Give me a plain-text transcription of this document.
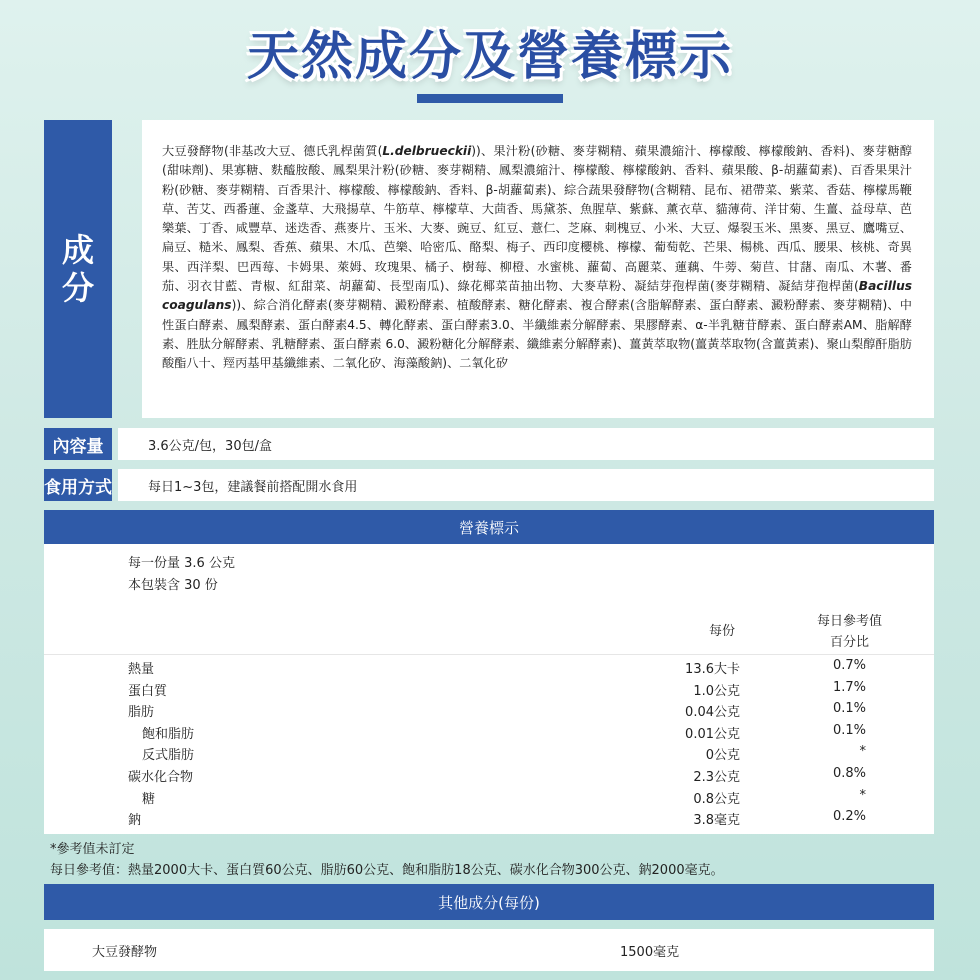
天然成分及營養標示
成
分
大豆發酵物(非基改大豆、德氏乳桿菌質(L.delbrueckii))、果汁粉(砂糖、麥芽糊精、蘋果濃縮汁、檸檬酸、檸檬酸鈉、香料)、麥芽糖醇(甜味劑)、果寡糖、麩醯胺酸、鳳梨果汁粉(砂糖、麥芽糊精、鳳梨濃縮汁、檸檬酸、檸檬酸鈉、香料、蘋果酸、β-胡蘿蔔素)、百香果果汁粉(砂糖、麥芽糊精、百香果汁、檸檬酸、檸檬酸鈉、香料、β-胡蘿蔔素)、綜合蔬果發酵物(含糊精、昆布、裙帶菜、紫菜、香菇、檸檬馬鞭草、苦艾、西番蓮、金盞草、大飛揚草、牛筋草、檸檬草、大茴香、馬黛茶、魚腥草、紫蘇、薰衣草、貓薄荷、洋甘菊、生薑、益母草、芭樂葉、丁香、咸豐草、迷迭香、燕麥片、玉米、大麥、豌豆、紅豆、薏仁、芝麻、刺槐豆、小米、大豆、爆裂玉米、黑麥、黑豆、鷹嘴豆、扁豆、糙米、鳳梨、香蕉、蘋果、木瓜、芭樂、哈密瓜、酪梨、梅子、西印度櫻桃、檸檬、葡萄乾、芒果、楊桃、西瓜、腰果、核桃、奇異果、西洋梨、巴西莓、卡姆果、萊姆、玫瑰果、橘子、樹莓、柳橙、水蜜桃、蘿蔔、高麗菜、蓮藕、牛蒡、菊苣、甘藷、南瓜、木薯、番茄、羽衣甘藍、青椒、紅甜菜、胡蘿蔔、長型南瓜)、綠花椰菜苗抽出物、大麥草粉、凝結芽孢桿菌(麥芽糊精、凝結芽孢桿菌(Bacillus coagulans))、綜合消化酵素(麥芽糊精、澱粉酵素、植酸酵素、糖化酵素、複合酵素(含脂解酵素、蛋白酵素、澱粉酵素、麥芽糊精)、中性蛋白酵素、鳳梨酵素、蛋白酵素4.5、轉化酵素、蛋白酵素3.0、半纖維素分解酵素、果膠酵素、α-半乳糖苷酵素、蛋白酵素AM、脂解酵素、胜肽分解酵素、乳糖酵素、蛋白酵素 6.0、澱粉糖化分解酵素、纖維素分解酵素)、薑黃萃取物(薑黃萃取物(含薑黃素)、聚山梨醇酐脂肪酸酯八十、羥丙基甲基纖維素、二氧化矽、海藻酸鈉)、二氧化矽
內容量	3.6公克/包，30包/盒
食用方式	每日1~3包，建議餐前搭配開水食用
營養標示
每一份量 3.6 公克
本包裝含 30 份
每份
每日參考值
百分比
熱量	13.6大卡	0.7%
蛋白質	1.0公克	1.7%
脂肪	0.04公克	0.1%
飽和脂肪	0.01公克	0.1%
反式脂肪	0公克	*
碳水化合物	2.3公克	0.8%
糖	0.8公克	*
鈉	3.8毫克	0.2%
*參考值未訂定
每日參考值：熱量2000大卡、蛋白質60公克、脂肪60公克、飽和脂肪18公克、碳水化合物300公克、鈉2000毫克。
其他成分(每份)
大豆發酵物	1500毫克
